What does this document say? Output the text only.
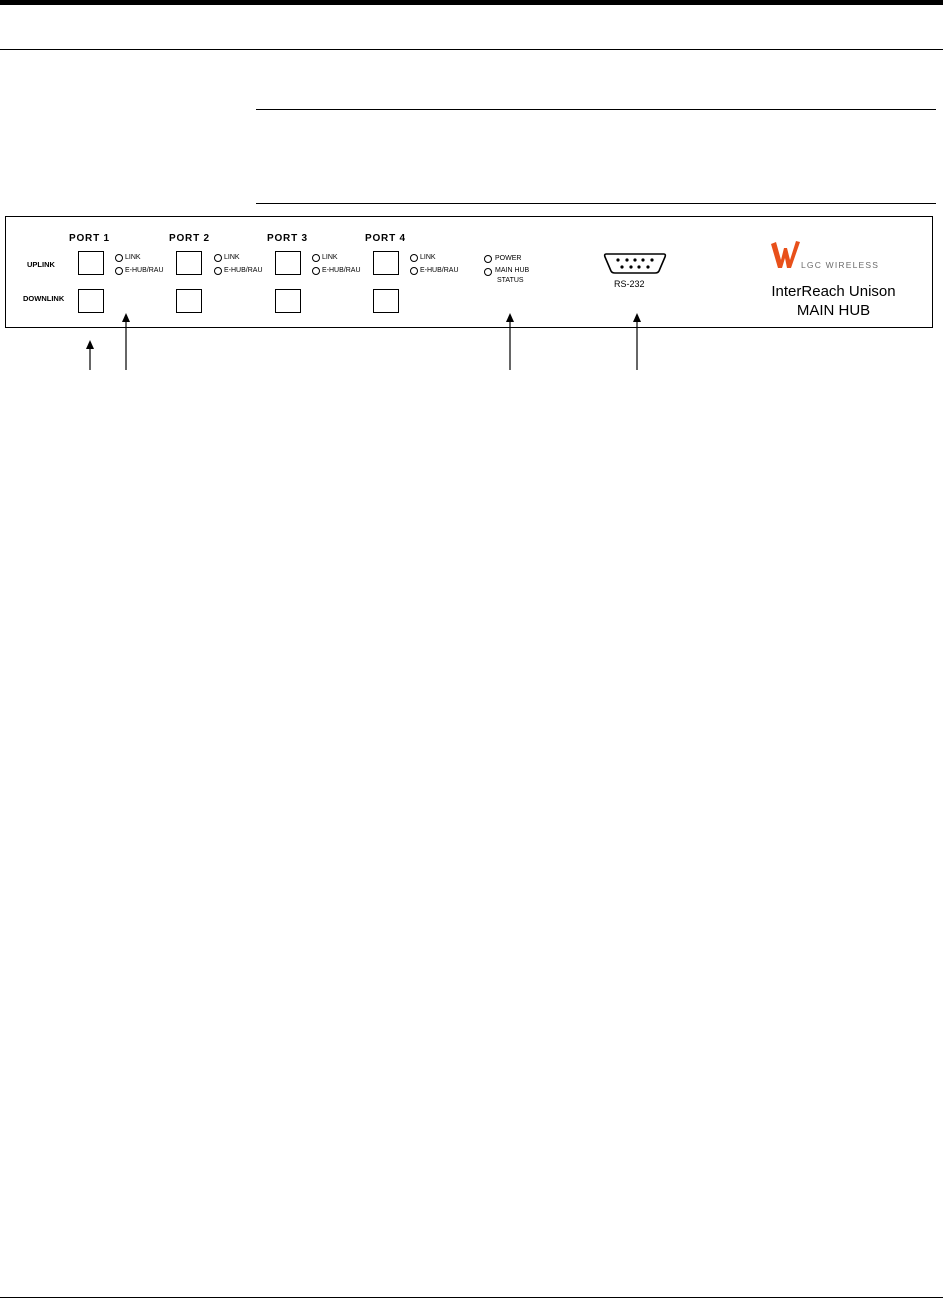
PORT 1	PORT 2	PORT 3	PORT 4
UPLINK
DOWNLINK
LINK
E-HUB/RAU
LINK
E-HUB/RAU
LINK
E-HUB/RAU
LINK
E-HUB/RAU
POWER
MAIN HUB
STATUS	RS-232
LGC WIRELESS
InterReach Unison
MAIN HUB
